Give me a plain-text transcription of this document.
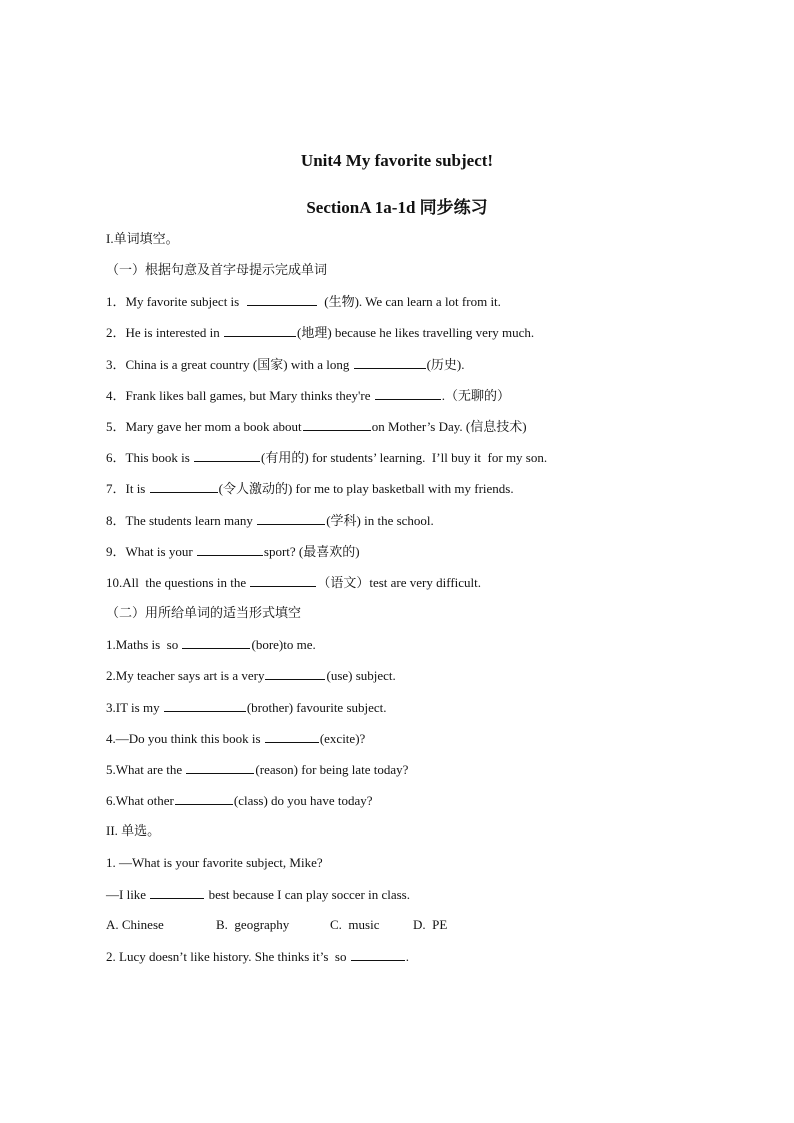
Unit4 My favorite subject!
SectionA 1a-1d 同步练习
I.单词填空。
（一）根据句意及首字母提示完成单词
1．My favorite subject is	(生物). We can learn a lot from it.
2．He is interested in	(地理) because he likes travelling very much.
3．China is a great country (国家) with a long	(历史).
4．Frank likes ball games, but Mary thinks they're	.（无聊的）
5．Mary gave her mom a book about	on Mother’s Day. (信息技术)
6．This book is	(有用的) for students’ learning.  I’ll buy it  for my son.
7．It is	(令人激动的) for me to play basketball with my friends.
8．The students learn many	(学科) in the school.
9．What is your	sport? (最喜欢的)
10.All  the questions in the	（语文）test are very difficult.
（二）用所给单词的适当形式填空
1.Maths is  so	(bore)to me.
2.My teacher says art is a very	(use) subject.
3.IT is my	(brother) favourite subject.
4.—Do you think this book is	(excite)?
5.What are the	(reason) for being late today?
6.What other	(class) do you have today?
II. 单选。
1. —What is your favorite subject, Mike?
—I like	best because I can play soccer in class.
A. Chinese	B.  geography	C.  music	D.  PE
2. Lucy doesn’t like history. She thinks it’s  so	.
